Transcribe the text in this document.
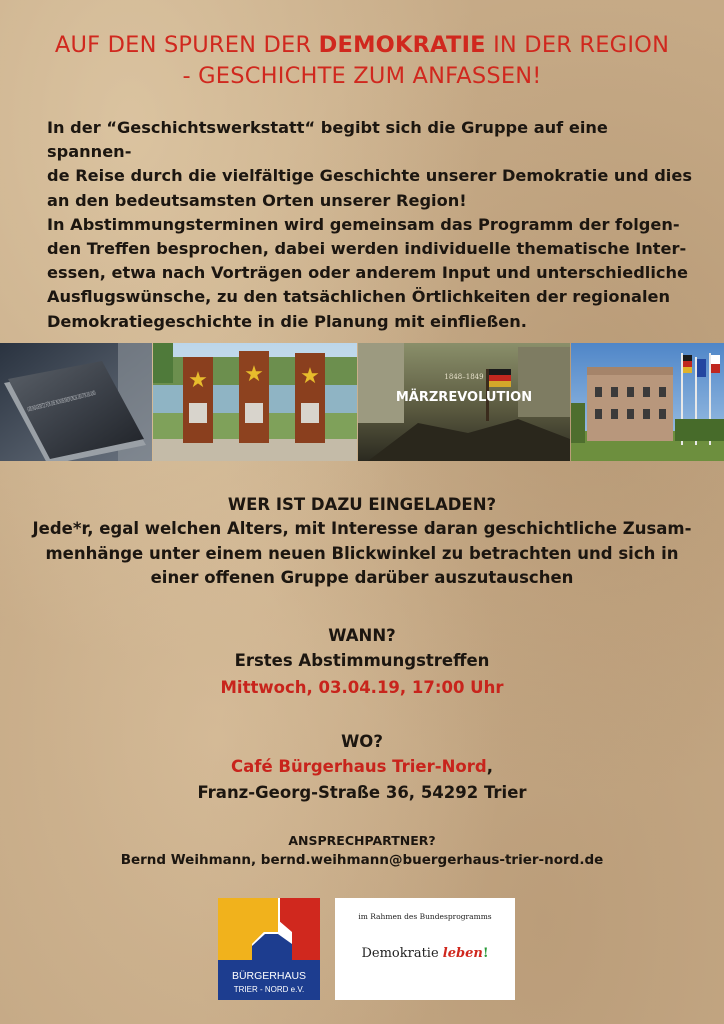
AUF DEN SPUREN DER DEMOKRATIE IN DER REGION
- GESCHICHTE ZUM ANFASSEN!

In der “Geschichtswerkstatt“ begibt sich die Gruppe auf eine spannen-

de Reise durch die vielfältige Geschichte unserer Demokratie und dies

an den bedeutsamsten Orten unserer Region!

In Abstimmungsterminen wird gemeinsam das Programm der folgen-

den Treffen besprochen, dabei werden individuelle thematische Inter-

essen, etwa nach Vorträgen oder anderem Input und unterschiedliche

Ausflugswünsche, zu den tatsächlichen Örtlichkeiten der regionalen

Demokratiegeschichte in die Planung mit einfließen.

★ ★ ★	1848–1849
MÄRZREVOLUTION
WER IST DAZU EINGELADEN?
Jede*r, egal welchen Alters, mit Interesse daran geschichtliche Zusam-
menhänge unter einem neuen Blickwinkel zu betrachten und sich in
einer offenen Gruppe darüber auszutauschen
WANN?
Erstes Abstimmungstreffen
Mittwoch, 03.04.19, 17:00 Uhr
WO?
Café Bürgerhaus Trier-Nord,
Franz-Georg-Straße 36, 54292 Trier
ANSPRECHPARTNER?
Bernd Weihmann, bernd.weihmann@buergerhaus-trier-nord.de
BÜRGERHAUS
TRIER - NORD e.V.
im Rahmen des Bundesprogramms
Demokratie leben!
